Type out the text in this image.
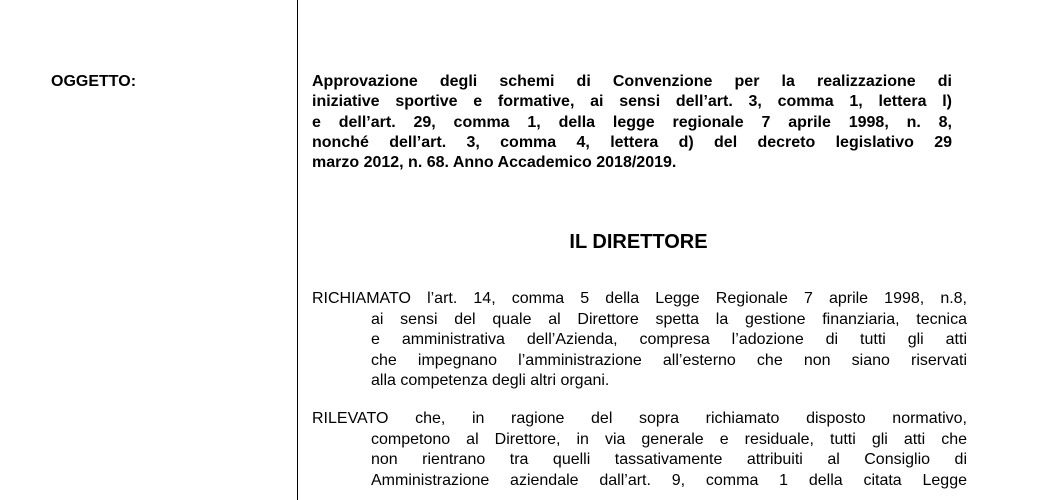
OGGETTO:	Approvazione degli schemi di Convenzione per la realizzazione di
iniziative sportive e formative, ai sensi dell’art. 3, comma 1, lettera l)
e dell’art. 29, comma 1, della legge regionale 7 aprile 1998, n. 8,
nonché dell’art. 3, comma 4, lettera d) del decreto legislativo 29
marzo 2012, n. 68. Anno Accademico 2018/2019.
IL DIRETTORE
RICHIAMATO l’art. 14, comma 5 della Legge Regionale 7 aprile 1998, n.8,
ai sensi del quale al Direttore spetta la gestione finanziaria, tecnica
e amministrativa dell’Azienda, compresa l’adozione di tutti gli atti
che impegnano l’amministrazione all’esterno che non siano riservati
alla competenza degli altri organi.
RILEVATO che, in ragione del sopra richiamato disposto normativo,
competono al Direttore, in via generale e residuale, tutti gli atti che
non rientrano tra quelli tassativamente attribuiti al Consiglio di
Amministrazione aziendale dall’art. 9, comma 1 della citata Legge
